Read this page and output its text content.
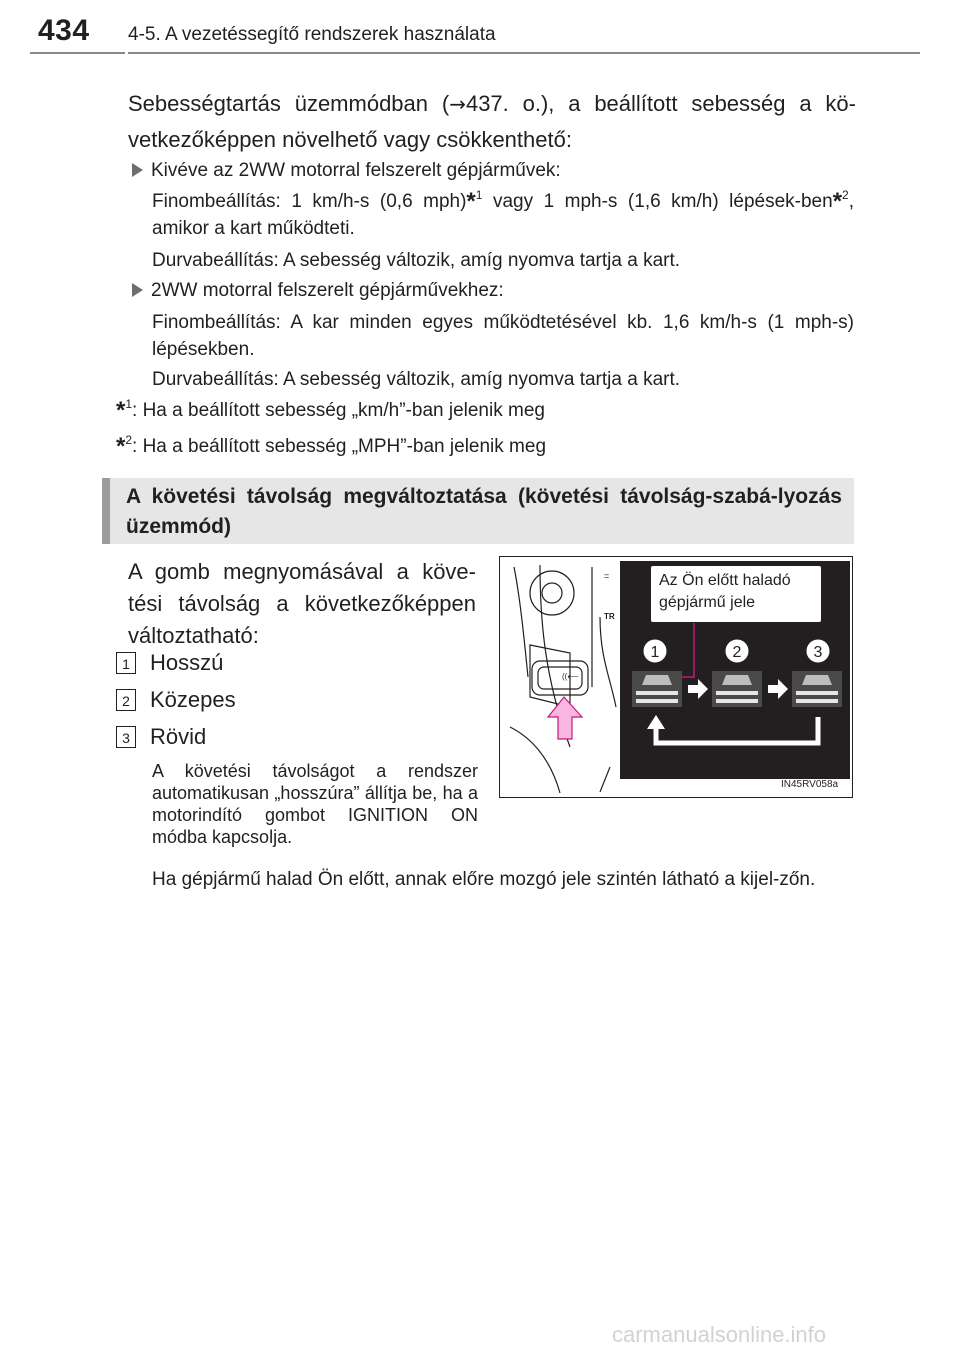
434 4-5. A vezetéssegítő rendszerek használata
Sebességtartás üzemmódban (→437. o.), a beállított sebesség a kö-vetkezőképpen növelhető vagy csökkenthető:
Kivéve az 2WW motorral felszerelt gépjárművek:
Finombeállítás: 1 km/h-s (0,6 mph)*$^1$ vagy 1 mph-s (1,6 km/h) lépések-ben*$^2$, amikor a kart működteti.
Durvabeállítás: A sebesség változik, amíg nyomva tartja a kart.
2WW motorral felszerelt gépjárművekhez:
Finombeállítás: A kar minden egyes működtetésével kb. 1,6 km/h-s (1 mph-s) lépésekben.
Durvabeállítás: A sebesség változik, amíg nyomva tartja a kart.
*$^1$: Ha a beállított sebesség „km/h”-ban jelenik meg
*$^2$: Ha a beállított sebesség „MPH”-ban jelenik meg
A követési távolság megváltoztatása (követési távolság-szabá-lyozás üzemmód)
A gomb megnyomásával a köve-tési távolság a következőképpen változtatható:
1 Hosszú
2 Közepes
3 Rövid
A követési távolságot a rendszer automatikusan „hosszúra” állítja be, ha a motorindító gombot IGNITION ON módba kapcsolja.
Ha gépjármű halad Ön előtt, annak előre mozgó jele szintén látható a kijel-zőn.
((⟵
TR
=
1	2	3
Az Ön előtt haladó gépjármű jele
IN45RV058a
carmanualsonline.info
